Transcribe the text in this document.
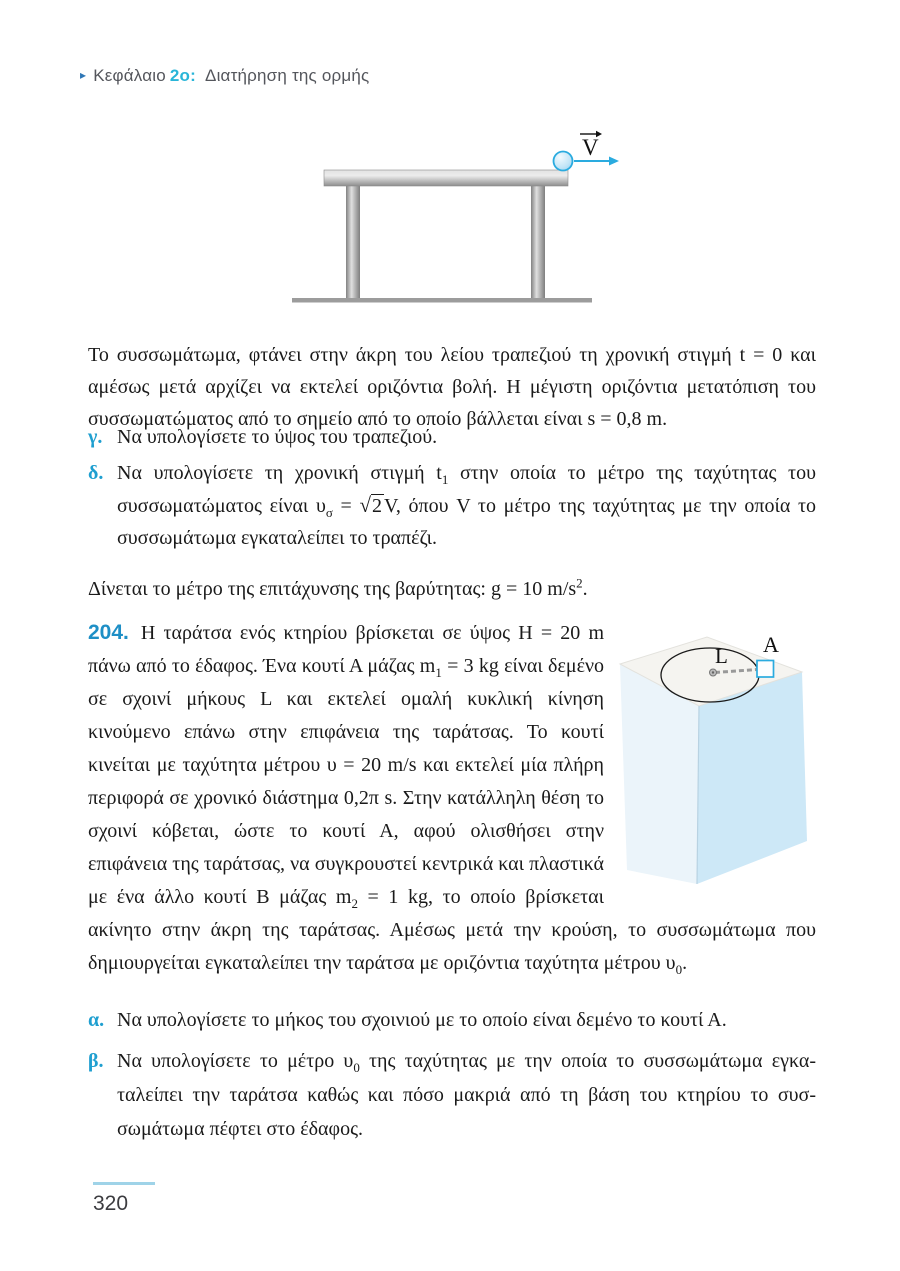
▸ Κεφάλαιο 2ο: Διατήρηση της ορμής
V

Το συσσωμάτωμα, φτάνει στην άκρη του λείου τραπεζιού τη χρονική στιγμή t = 0 και αμέσως μετά αρχίζει να εκτελεί οριζόντια βολή. Η μέγιστη οριζόντια μετατόπιση του συσσωματώματος από το σημείο από το οποίο βάλλεται είναι s = 0,8 m.

γ. Να υπολογίσετε το ύψος του τραπεζιού.
δ. Να υπολογίσετε τη χρονική στιγμή $t_1$ στην οποία το μέτρο της ταχύτητας του συσσωματώματος είναι $\upsilon_\sigma = √2$ V, όπου V το μέτρο της ταχύτητας με την οποία το συσσωμάτωμα εγκαταλείπει το τραπέζι.

Δίνεται το μέτρο της επιτάχυνσης της βαρύτητας: g = 10 $m/s^2$.

L A
204. Η ταράτσα ενός κτηρίου βρίσκεται σε ύψος H = 20 m πάνω από το έδαφος. Ένα κουτί Α μάζας $m_1 = 3$ kg είναι δεμένο σε σχοινί μήκους L και εκτελεί ομαλή κυκλική κίνηση κινούμενο επάνω στην επιφάνεια της ταράτσας. Το κουτί κινείται με ταχύτητα μέτρου υ = 20 m/s και εκτελεί μία πλήρη περιφορά σε χρονικό διάστημα 0,2π s. Στην κατάλληλη θέση το σχοινί κόβεται, ώστε το κουτί Α, αφού ολισθήσει στην επιφάνεια της ταράτσας, να συγκρουστεί κεντρικά και πλαστικά με ένα άλλο κουτί Β μάζας $m_2 = 1$ kg, το οποίο βρίσκεται ακίνητο στην άκρη της ταράτσας. Αμέσως μετά την κρούση, το συσσωμάτωμα που δημιουργείται εγκαταλείπει την ταράτσα με οριζόντια ταχύτητα μέτρου $\upsilon_0$.
α. Να υπολογίσετε το μήκος του σχοινιού με το οποίο είναι δεμένο το κουτί Α.
β. Να υπολογίσετε το μέτρο $\upsilon_0$ της ταχύτητας με την οποία το συσσωμάτωμα εγκαταλείπει την ταράτσα καθώς και πόσο μακριά από τη βάση του κτηρίου το συσσωμάτωμα πέφτει στο έδαφος.
320
